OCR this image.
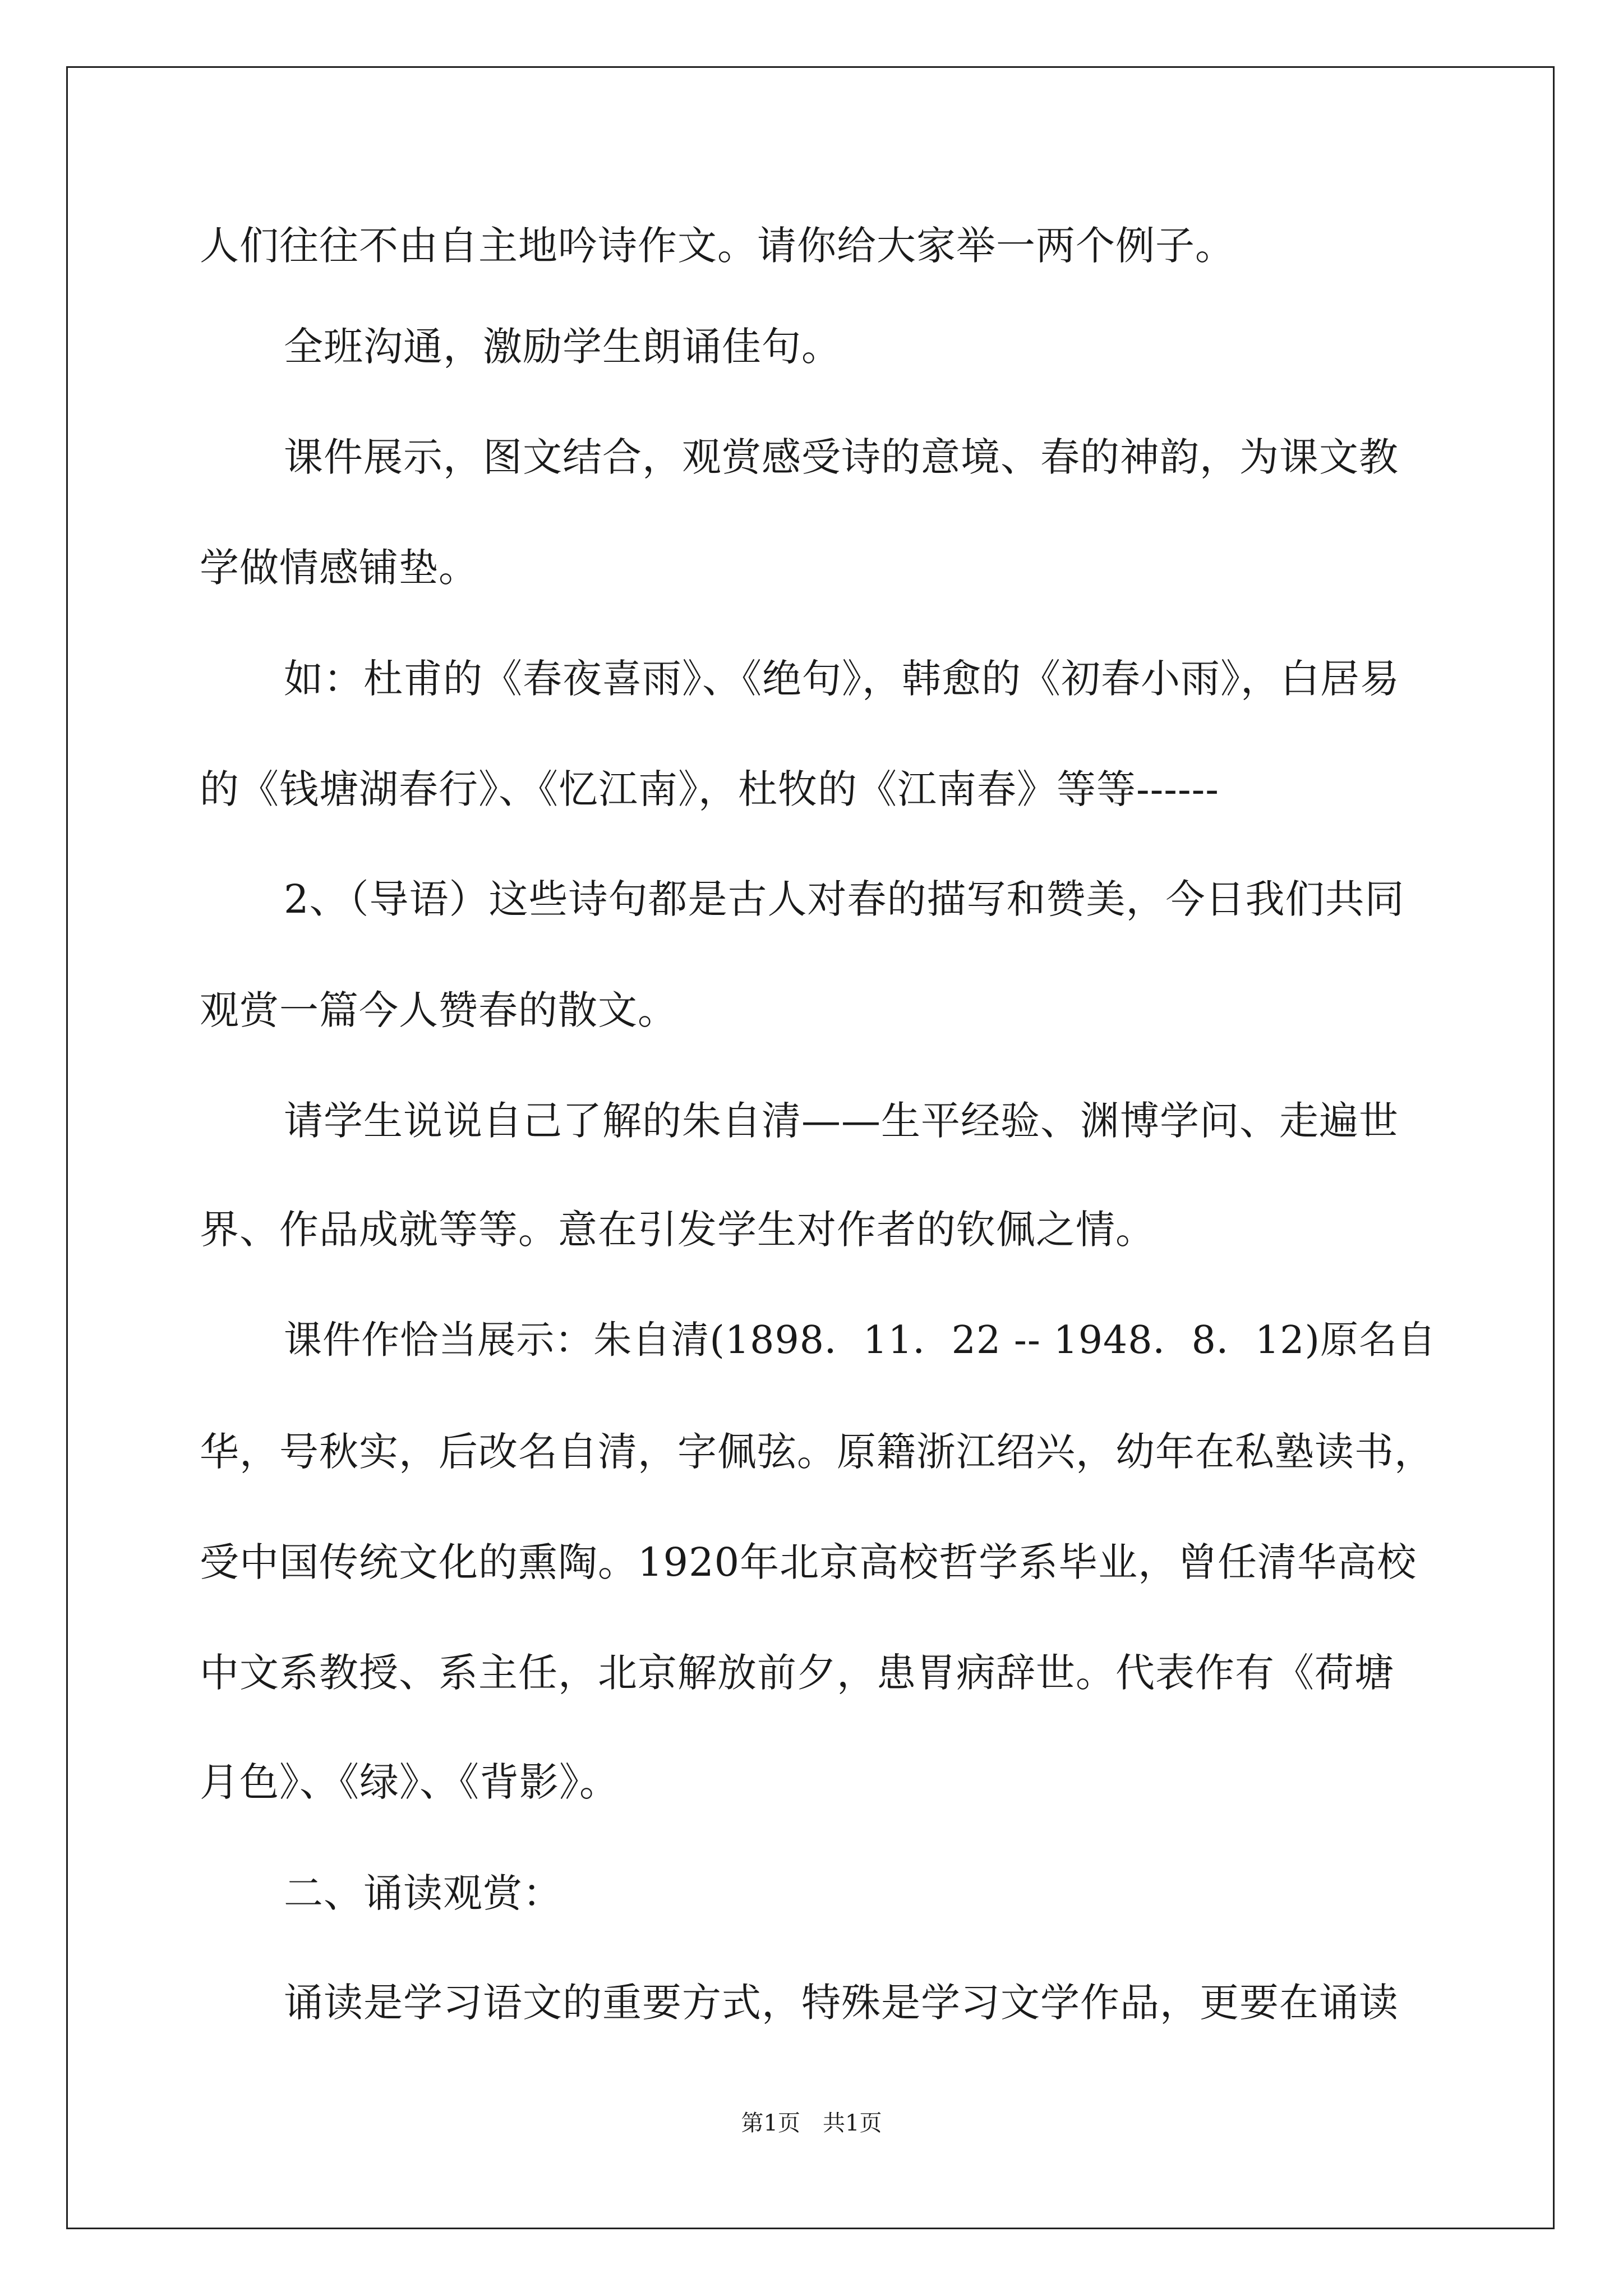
人们往往不由自主地吟诗作文。请你给大家举一两个例子。
全班沟通，激励学生朗诵佳句。
课件展示，图文结合，观赏感受诗的意境、春的神韵，为课文教
学做情感铺垫。
如：杜甫的《春夜喜雨》、《绝句》，韩愈的《初春小雨》，白居易
的《钱塘湖春行》、《忆江南》，杜牧的《江南春》等等------
2、（导语）这些诗句都是古人对春的描写和赞美，今日我们共同
观赏一篇今人赞春的散文。
请学生说说自己了解的朱自清——生平经验、渊博学问、走遍世
界、作品成就等等。意在引发学生对作者的钦佩之情。
课件作恰当展示：朱自清(1898．11．22 -- 1948．8．12)原名自
华，号秋实，后改名自清，字佩弦。原籍浙江绍兴，幼年在私塾读书，
受中国传统文化的熏陶。1920年北京高校哲学系毕业，曾任清华高校
中文系教授、系主任，北京解放前夕，患胃病辞世。代表作有《荷塘
月色》、《绿》、《背影》。
二、诵读观赏：
诵读是学习语文的重要方式，特殊是学习文学作品，更要在诵读
第1页　共1页
